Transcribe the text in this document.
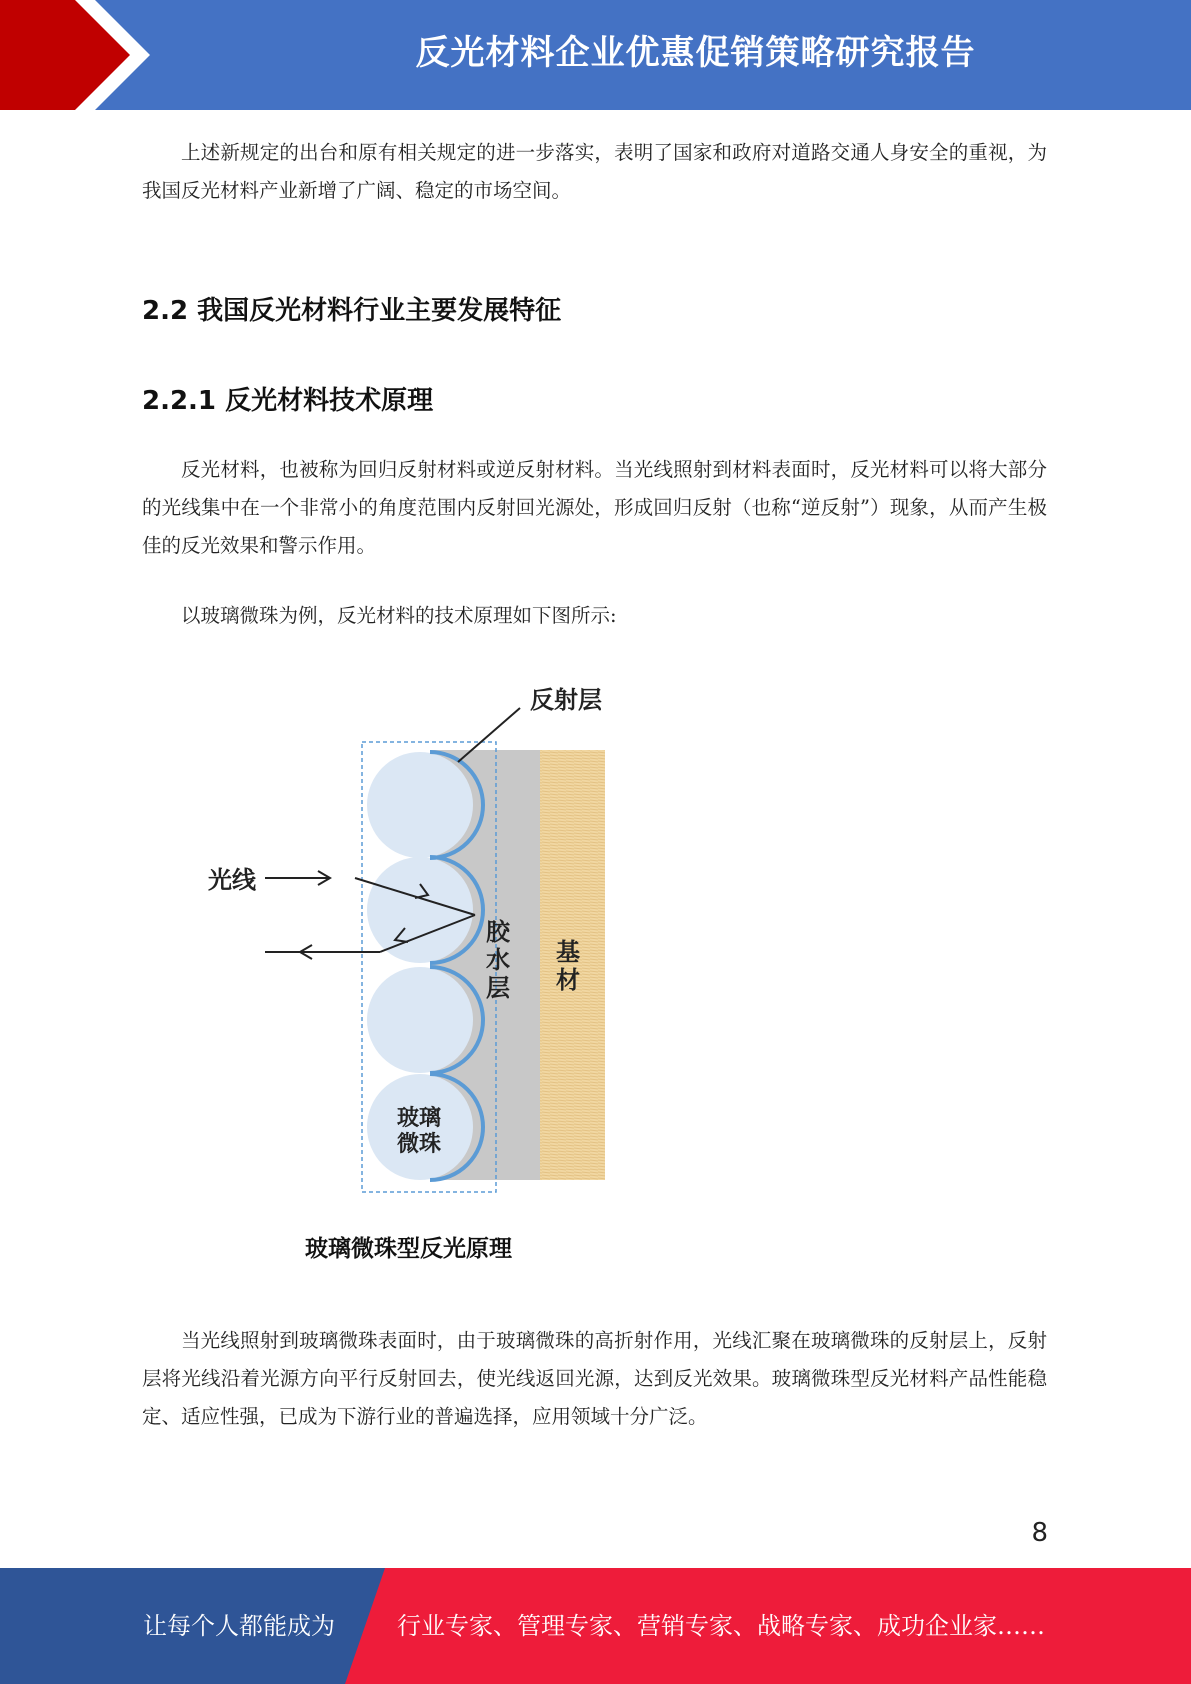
反光材料企业优惠促销策略研究报告
上述新规定的出台和原有相关规定的进一步落实，表明了国家和政府对道路交通人身安全的重视，为我国反光材料产业新增了广阔、稳定的市场空间。
2.2 我国反光材料行业主要发展特征
2.2.1 反光材料技术原理
反光材料，也被称为回归反射材料或逆反射材料。当光线照射到材料表面时，反光材料可以将大部分的光线集中在一个非常小的角度范围内反射回光源处，形成回归反射（也称“逆反射”）现象，从而产生极佳的反光效果和警示作用。
以玻璃微珠为例，反光材料的技术原理如下图所示:
反射层
光线
胶
水
层
基
材
玻璃
微珠
玻璃微珠型反光原理
当光线照射到玻璃微珠表面时，由于玻璃微珠的高折射作用，光线汇聚在玻璃微珠的反射层上，反射层将光线沿着光源方向平行反射回去，使光线返回光源，达到反光效果。玻璃微珠型反光材料产品性能稳定、适应性强，已成为下游行业的普遍选择，应用领域十分广泛。
8
让每个人都能成为	行业专家、管理专家、营销专家、战略专家、成功企业家……
